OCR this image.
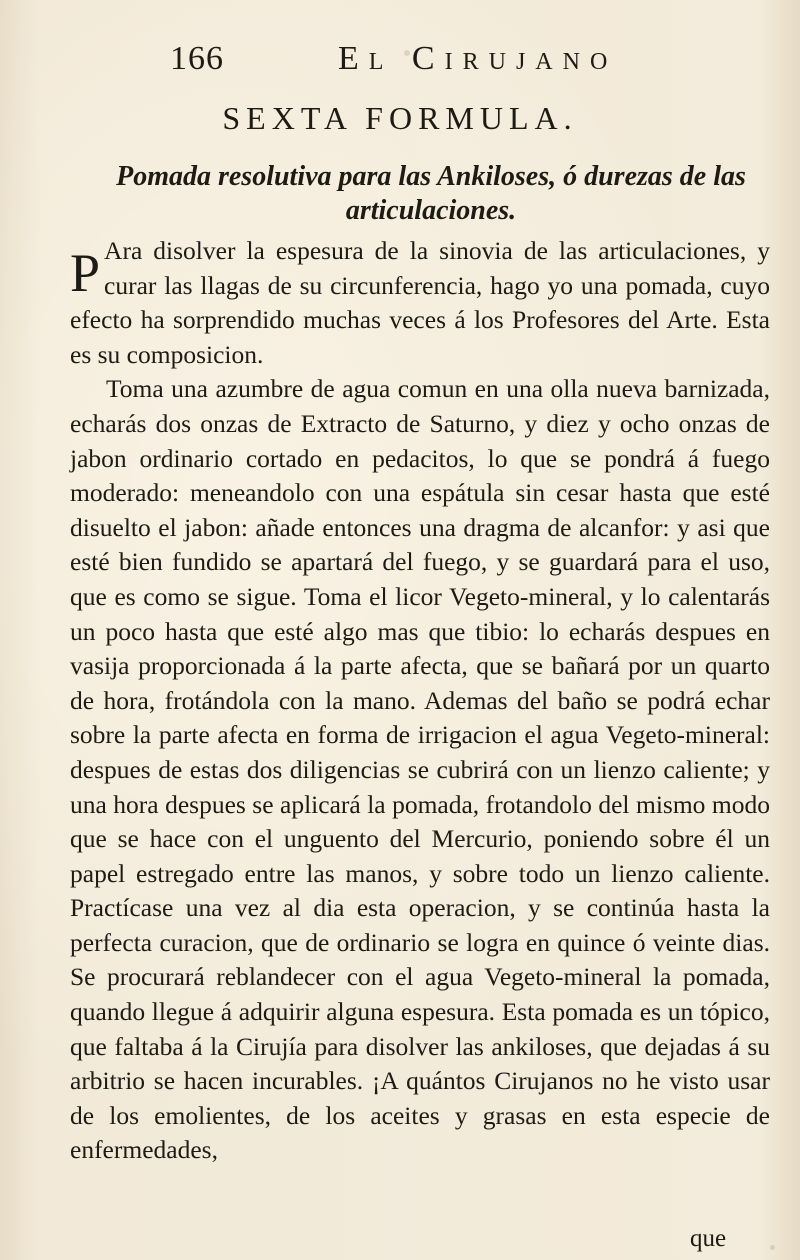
166	El Cirujano
SEXTA FORMULA.
Pomada resolutiva para las Ankiloses, ó durezas de las articulaciones.

P Ara disolver la espesura de la sinovia de las articulaciones, y curar las llagas de su circunferencia, hago yo una pomada, cuyo efecto ha sorprendido muchas veces á los Profesores del Arte. Esta es su composicion.

Toma una azumbre de agua comun en una olla nueva barnizada, echarás dos onzas de Extracto de Saturno, y diez y ocho onzas de jabon ordinario cortado en pedacitos, lo que se pondrá á fuego moderado: meneandolo con una espátula sin cesar hasta que esté disuelto el jabon: añade entonces una dragma de alcanfor: y asi que esté bien fundido se apartará del fuego, y se guardará para el uso, que es como se sigue. Toma el licor Vegeto-mineral, y lo calentarás un poco hasta que esté algo mas que tibio: lo echarás despues en vasija proporcionada á la parte afecta, que se bañará por un quarto de hora, frotándola con la mano. Ademas del baño se podrá echar sobre la parte afecta en forma de irrigacion el agua Vegeto-mineral: despues de estas dos diligencias se cubrirá con un lienzo caliente; y una hora despues se aplicará la pomada, frotandolo del mismo modo que se hace con el unguento del Mercurio, poniendo sobre él un papel estregado entre las manos, y sobre todo un lienzo caliente. Practícase una vez al dia esta operacion, y se continúa hasta la perfecta curacion, que de ordinario se logra en quince ó veinte dias. Se procurará reblandecer con el agua Vegeto-mineral la pomada, quando llegue á adquirir alguna espesura. Esta pomada es un tópico, que faltaba á la Cirujía para disolver las ankiloses, que dejadas á su arbitrio se hacen incurables. ¡A quántos Cirujanos no he visto usar de los emolientes, de los aceites y grasas en esta especie de enfermedades,

que
